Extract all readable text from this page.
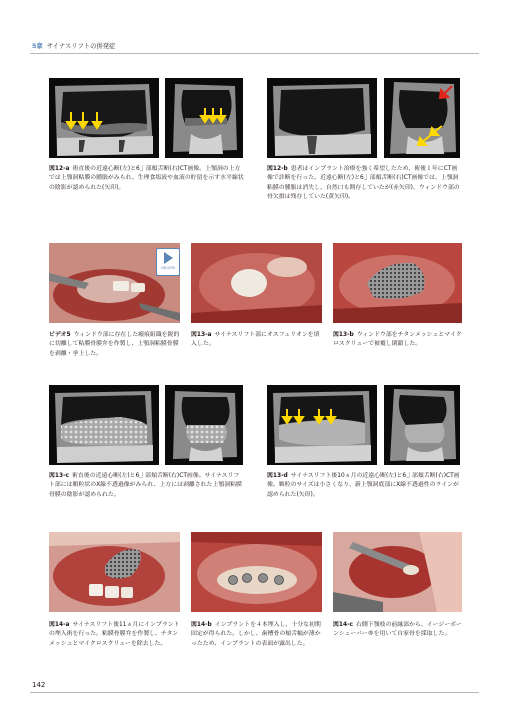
5章 サイナスリフトの併発症
図12-a 術直後の近遠心断(左)と6⏌部頬舌断(右)CT画像。上顎洞の上方では上顎洞粘膜の腫脹がみられ、生理食塩液や血液の貯留を示す水平線状の陰影が認められた(矢印)。
図12-b 患者はインプラント治療を強く希望したため、術後１年にCT画像で診断を行った。近遠心断(左)と6⏌部頬舌断(右)CT画像では、上顎洞粘膜の腫脹は消失し、自然口も開存していたが(赤矢印)、ウィンドウ部の骨欠損は残存していた(黄矢印)。
QR/CPB
ビデオ5 ウィンドウ部に存在した瘢痕組織を鋭的に切離して粘膜骨膜弁を作製し、上顎洞粘膜骨膜を剥離・挙上した。
図13-a サイナスリフト部にオスフェリオンを填入した。
図13-b ウィンドウ部をチタンメッシュとマイクロスクリューで被覆し閉鎖した。
図13-c 術直後の近遠心断(左)と6⏌部頬舌断(右)CT画像。サイナスリフト部には顆粒状のX線不透過像がみられ、上方には剥離された上顎洞粘膜骨膜の陰影が認められた。
図13-d サイナスリフト後10ヵ月の近遠心断(左)と6⏌部頬舌断(右)CT画像。顆粒のサイズは小さくなり、新上顎洞底部にX線不透過性のラインが認められた(矢印)。
図14-a サイナスリフト後11ヵ月にインプラントの埋入術を行った。粘膜骨膜弁を作製し、チタンメッシュとマイクロスクリューを除去した。
図14-b インプラントを４本埋入し、十分な初期固定が得られた。しかし、歯槽骨の頬舌幅が薄かったため、インプラントの表面が露出した。
図14-c 右側下顎枝の前縁部から、イージーボーンシェーバー®を用いて自家骨を採取した。
142
